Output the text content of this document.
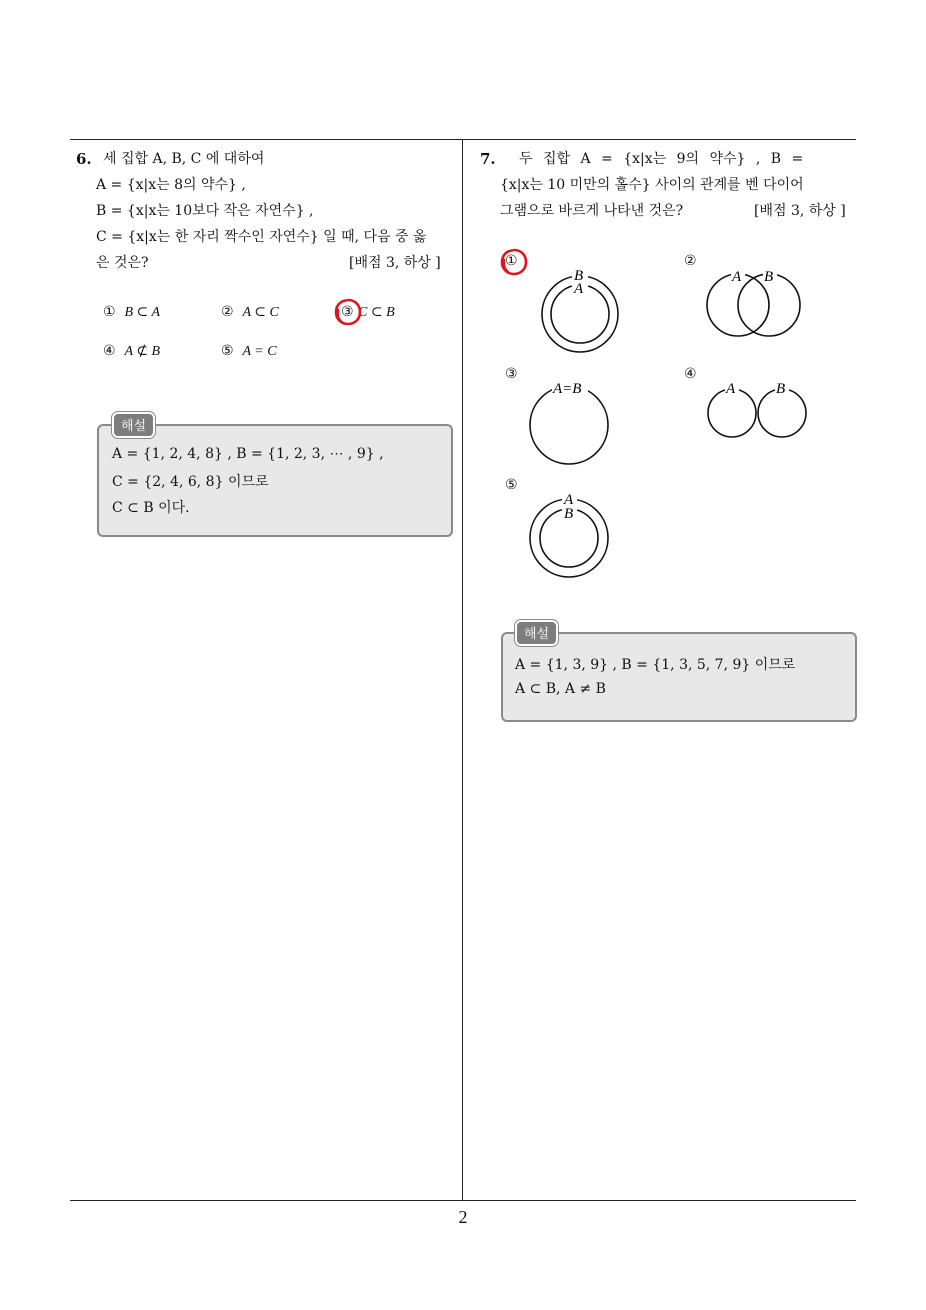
6. 세 집합 A, B, C 에 대하여
A = {x|x는 8의 약수} ,
B = {x|x는 10보다 작은 자연수} ,
C = {x|x는 한 자리 짝수인 자연수} 일 때, 다음 중 옳
은 것은?	[배점 3, 하상 ]
① B ⊂ A	② A ⊂ C	③ C ⊂ B
④ A ⊄ B	⑤ A = C
해설
A = {1, 2, 4, 8} , B = {1, 2, 3, ⋯ , 9} ,
C = {2, 4, 6, 8} 이므로
C ⊂ B 이다.
7. 두 집합 A = {x|x는 9의 약수} , B =
{x|x는 10 미만의 홀수} 사이의 관계를 벤 다이어
그램으로 바르게 나타낸 것은?	[배점 3, 하상 ]
①	②
③	④
⑤
B
A
A B
A=B	A	B
A
B
해설
A = {1, 3, 9} , B = {1, 3, 5, 7, 9} 이므로
A ⊂ B, A ≠ B
2
